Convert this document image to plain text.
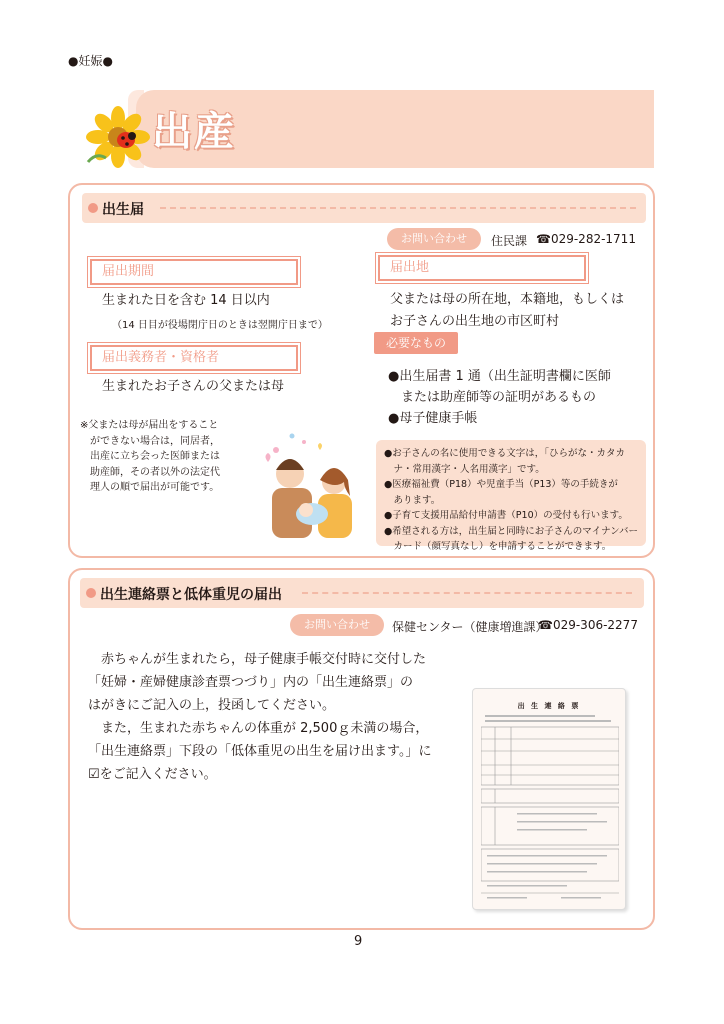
●妊娠●
出産
出生届
お問い合わせ	住民課 ☎029-282-1711
届出期間
生まれた日を含む 14 日以内
（14 日目が役場閉庁日のときは翌開庁日まで）
届出義務者・資格者
生まれたお子さんの父または母
※父または母が届出をすること
ができない場合は，同居者，
出産に立ち会った医師または
助産師，その者以外の法定代
理人の順で届出が可能です。
届出地
父または母の所在地，本籍地，もしくは
お子さんの出生地の市区町村
必要なもの
●出生届書 1 通（出生証明書欄に医師
　または助産師等の証明があるもの
●母子健康手帳
●お子さんの名に使用できる文字は，「ひらがな・カタカ
　ナ・常用漢字・人名用漢字」です。
●医療福祉費（P18）や児童手当（P13）等の手続きが
　あります。
●子育て支援用品給付申請書（P10）の受付も行います。
●希望される方は，出生届と同時にお子さんのマイナンバー
　カード（顔写真なし）を申請することができます。
出生連絡票と低体重児の届出
お問い合わせ	保健センター（健康増進課）
☎029-306-2277
　赤ちゃんが生まれたら，母子健康手帳交付時に交付した
「妊婦・産婦健康診査票つづり」内の「出生連絡票」の
はがきにご記入の上，投函してください。
　また，生まれた赤ちゃんの体重が 2,500ｇ未満の場合，
「出生連絡票」下段の「低体重児の出生を届け出ます。」に
☑をご記入ください。
出 生 連 絡 票
9
